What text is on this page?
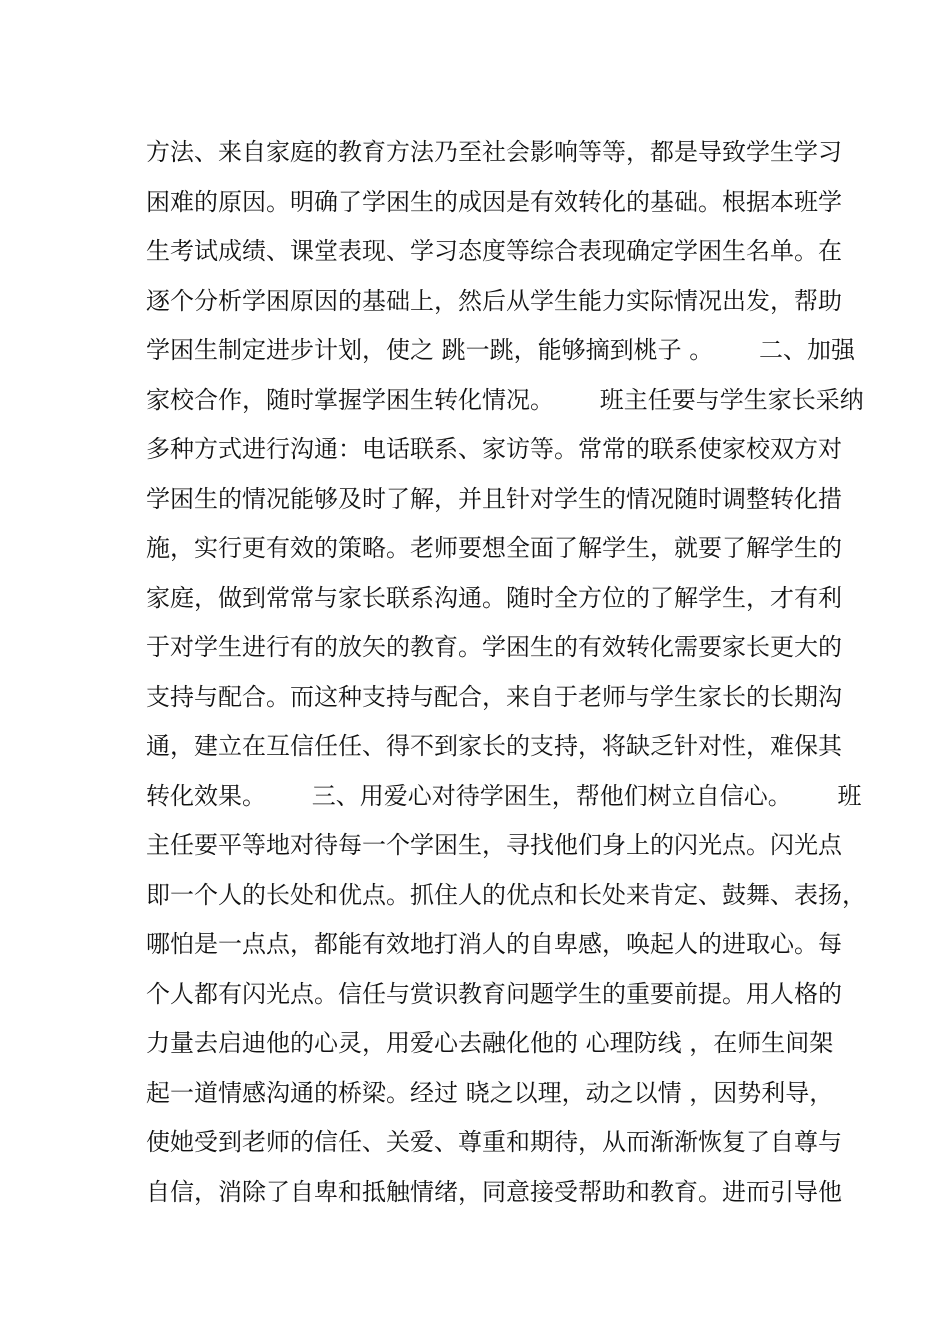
方法、来自家庭的教育方法乃至社会影响等等，都是导致学生学习
困难的原因。明确了学困生的成因是有效转化的基础。根据本班学
生考试成绩、课堂表现、学习态度等综合表现确定学困生名单。在
逐个分析学困原因的基础上，然后从学生能力实际情况出发，帮助
学困生制定进步计划，使之 跳一跳，能够摘到桃子 。      二、加强
家校合作，随时掌握学困生转化情况。      班主任要与学生家长采纳
多种方式进行沟通：电话联系、家访等。常常的联系使家校双方对
学困生的情况能够及时了解，并且针对学生的情况随时调整转化措
施，实行更有效的策略。老师要想全面了解学生，就要了解学生的
家庭，做到常常与家长联系沟通。随时全方位的了解学生，才有利
于对学生进行有的放矢的教育。学困生的有效转化需要家长更大的
支持与配合。而这种支持与配合，来自于老师与学生家长的长期沟
通，建立在互信任任、得不到家长的支持，将缺乏针对性，难保其
转化效果。      三、用爱心对待学困生，帮他们树立自信心。      班
主任要平等地对待每一个学困生，寻找他们身上的闪光点。闪光点
即一个人的长处和优点。抓住人的优点和长处来肯定、鼓舞、表扬，
哪怕是一点点，都能有效地打消人的自卑感，唤起人的进取心。每
个人都有闪光点。信任与赏识教育问题学生的重要前提。用人格的
力量去启迪他的心灵，用爱心去融化他的 心理防线 ，在师生间架
起一道情感沟通的桥梁。经过 晓之以理，动之以情 ，因势利导，
使她受到老师的信任、关爱、尊重和期待，从而渐渐恢复了自尊与
自信，消除了自卑和抵触情绪，同意接受帮助和教育。进而引导他
